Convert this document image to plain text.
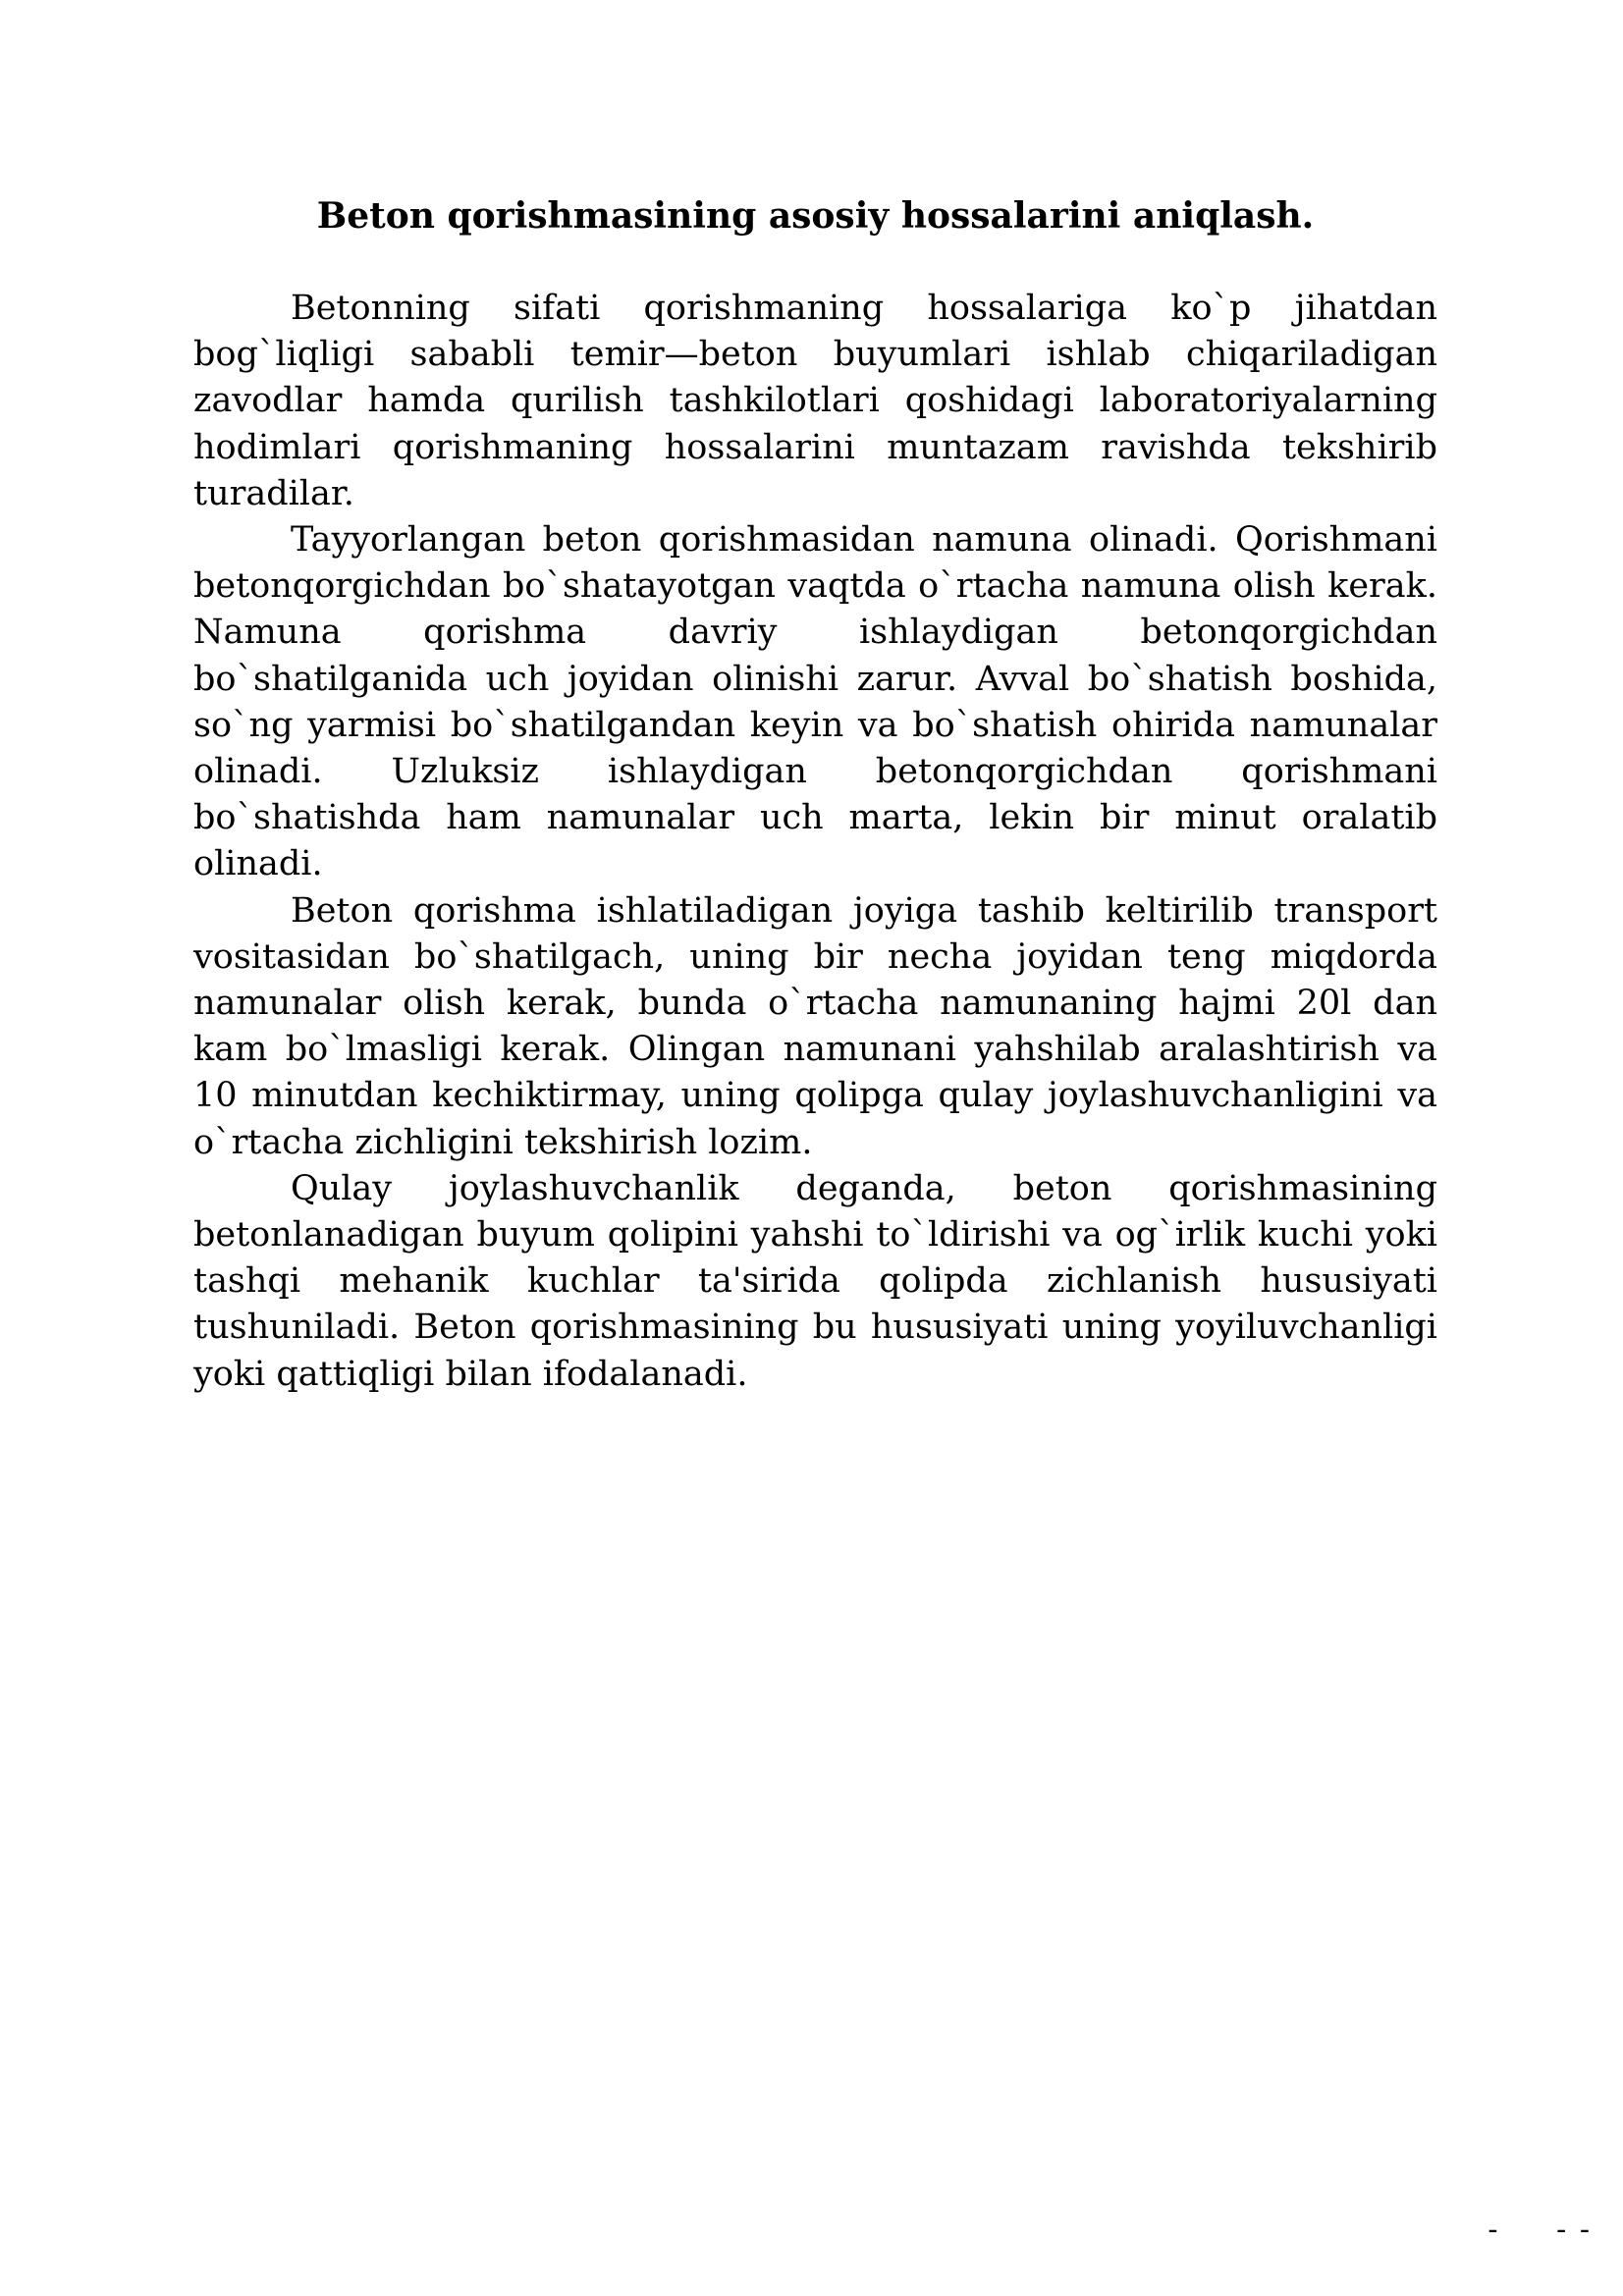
Beton qorishmasining asosiy hossalarini aniqlash.

Betonning sifati qorishmaning hossalariga ko`p jihatdan bog`liqligi sababli temir—beton buyumlari ishlab chiqariladigan zavodlar hamda qurilish tashkilotlari qoshidagi laboratoriyalarning hodimlari qorishmaning hossalarini muntazam ravishda tekshirib turadilar.

Tayyorlangan beton qorishmasidan namuna olinadi. Qorishmani betonqorgichdan bo`shatayotgan vaqtda o`rtacha namuna olish kerak. Namuna qorishma davriy ishlaydigan betonqorgichdan bo`shatilganida uch joyidan olinishi zarur. Avval bo`shatish boshida, so`ng yarmisi bo`shatilgandan keyin va bo`shatish ohirida namunalar olinadi. Uzluksiz ishlaydigan betonqorgichdan qorishmani bo`shatishda ham namunalar uch marta, lekin bir minut oralatib olinadi.

Beton qorishma ishlatiladigan joyiga tashib keltirilib transport vositasidan bo`shatilgach, uning bir necha joyidan teng miqdorda namunalar olish kerak, bunda o`rtacha namunaning hajmi 20l dan kam bo`lmasligi kerak. Olingan namunani yahshilab aralashtirish va 10 minutdan kechiktirmay, uning qolipga qulay joylashuvchanligini va o`rtacha zichligini tekshirish lozim.

Qulay joylashuvchanlik deganda, beton qorishmasining betonlanadigan buyum qolipini yahshi to`ldirishi va og`irlik kuchi yoki tashqi mehanik kuchlar ta'sirida qolipda zichlanish hususiyati tushuniladi. Beton qorishmasining bu hususiyati uning yoyiluvchanligi yoki qattiqligi bilan ifodalanadi.

-     - -
